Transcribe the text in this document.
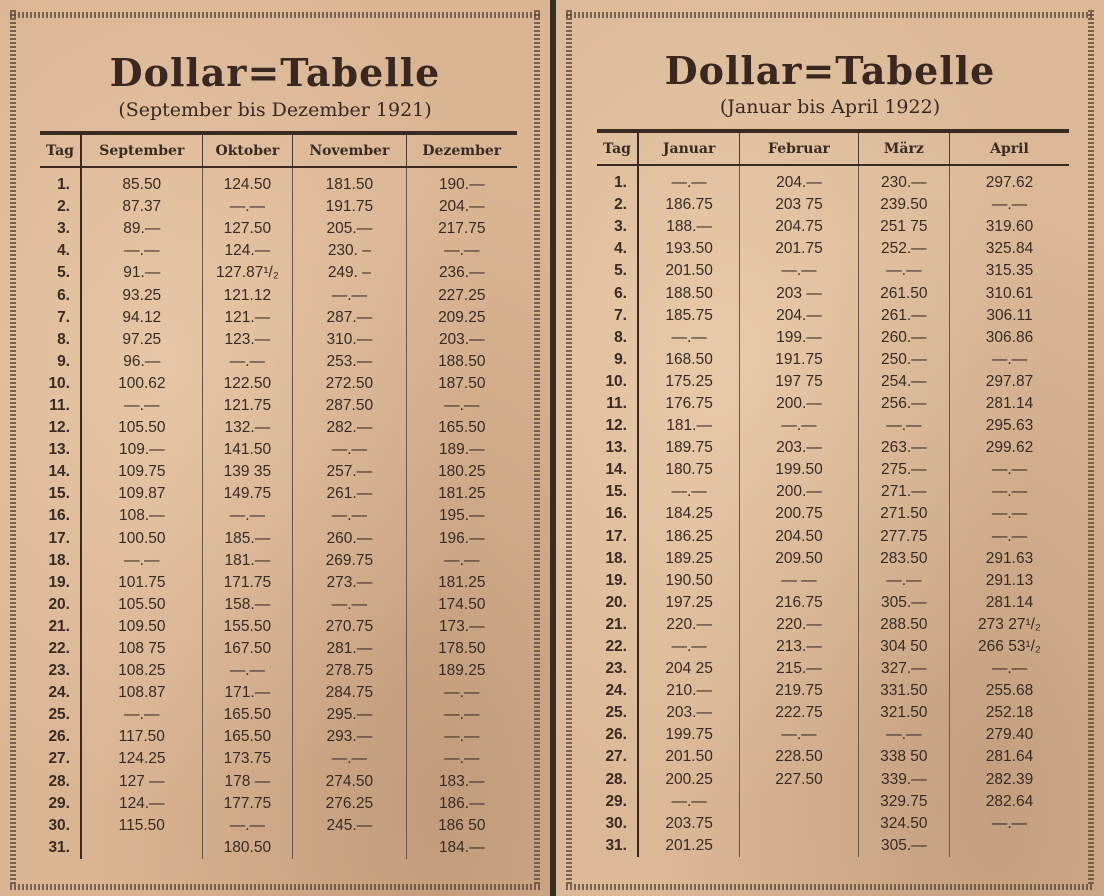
Dollar=Tabelle
(September bis Dezember 1921)
Tag	September	Oktober	November	Dezember
1.	85.50	124.50	181.50	190.—
2.	87.37	—.—	191.75	204.—
3.	89.—	127.50	205.—	217.75
4.	—.—	124.—	230. –	—.—
5.	91.—	127.87¹/₂	249. –	236.—
6.	93.25	121.12	—.—	227.25
7.	94.12	121.—	287.—	209.25
8.	97.25	123.—	310.—	203.—
9.	96.—	—.—	253.—	188.50
10.	100.62	122.50	272.50	187.50
11.	—.—	121.75	287.50	—.—
12.	105.50	132.—	282.—	165.50
13.	109.—	141.50	—.—	189.—
14.	109.75	139 35	257.—	180.25
15.	109.87	149.75	261.—	181.25
16.	108.—	—.—	—.—	195.—
17.	100.50	185.—	260.—	196.—
18.	—.—	181.—	269.75	—.—
19.	101.75	171.75	273.—	181.25
20.	105.50	158.—	—.—	174.50
21.	109.50	155.50	270.75	173.—
22.	108 75	167.50	281.—	178.50
23.	108.25	—.—	278.75	189.25
24.	108.87	171.—	284.75	—.—
25.	—.—	165.50	295.—	—.—
26.	117.50	165.50	293.—	—.—
27.	124.25	173.75	—.—	—.—
28.	127 —	178 —	274.50	183.—
29.	124.—	177.75	276.25	186.—
30.	115.50	—.—	245.—	186 50
31.		180.50		184.—
Dollar=Tabelle
(Januar bis April 1922)
Tag	Januar	Februar	März	April
1.	—.—	204.—	230.—	297.62
2.	186.75	203 75	239.50	—.—
3.	188.—	204.75	251 75	319.60
4.	193.50	201.75	252.—	325.84
5.	201.50	—.—	—.—	315.35
6.	188.50	203 —	261.50	310.61
7.	185.75	204.—	261.—	306.11
8.	—.—	199.—	260.—	306.86
9.	168.50	191.75	250.—	—.—
10.	175.25	197 75	254.—	297.87
11.	176.75	200.—	256.—	281.14
12.	181.—	—.—	—.—	295.63
13.	189.75	203.—	263.—	299.62
14.	180.75	199.50	275.—	—.—
15.	—.—	200.—	271.—	—.—
16.	184.25	200.75	271.50	—.—
17.	186.25	204.50	277.75	—.—
18.	189.25	209.50	283.50	291.63
19.	190.50	— —	—.—	291.13
20.	197.25	216.75	305.—	281.14
21.	220.—	220.—	288.50	273 27¹/₂
22.	—.—	213.—	304 50	266 53¹/₂
23.	204 25	215.—	327.—	—.—
24.	210.—	219.75	331.50	255.68
25.	203.—	222.75	321.50	252.18
26.	199.75	—.—	—.—	279.40
27.	201.50	228.50	338 50	281.64
28.	200.25	227.50	339.—	282.39
29.	—.—		329.75	282.64
30.	203.75		324.50	—.—
31.	201.25		305.—	
